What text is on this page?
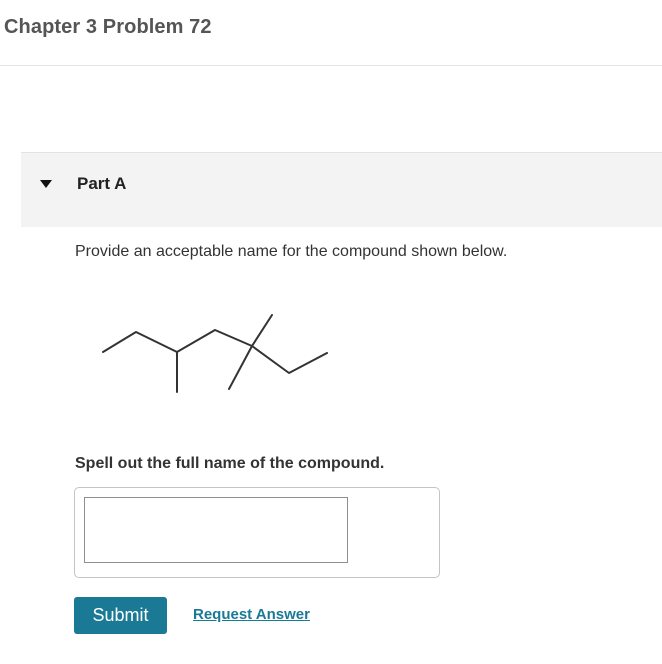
Chapter 3 Problem 72
Part A
Provide an acceptable name for the compound shown below.
Spell out the full name of the compound.
Submit	Request Answer
